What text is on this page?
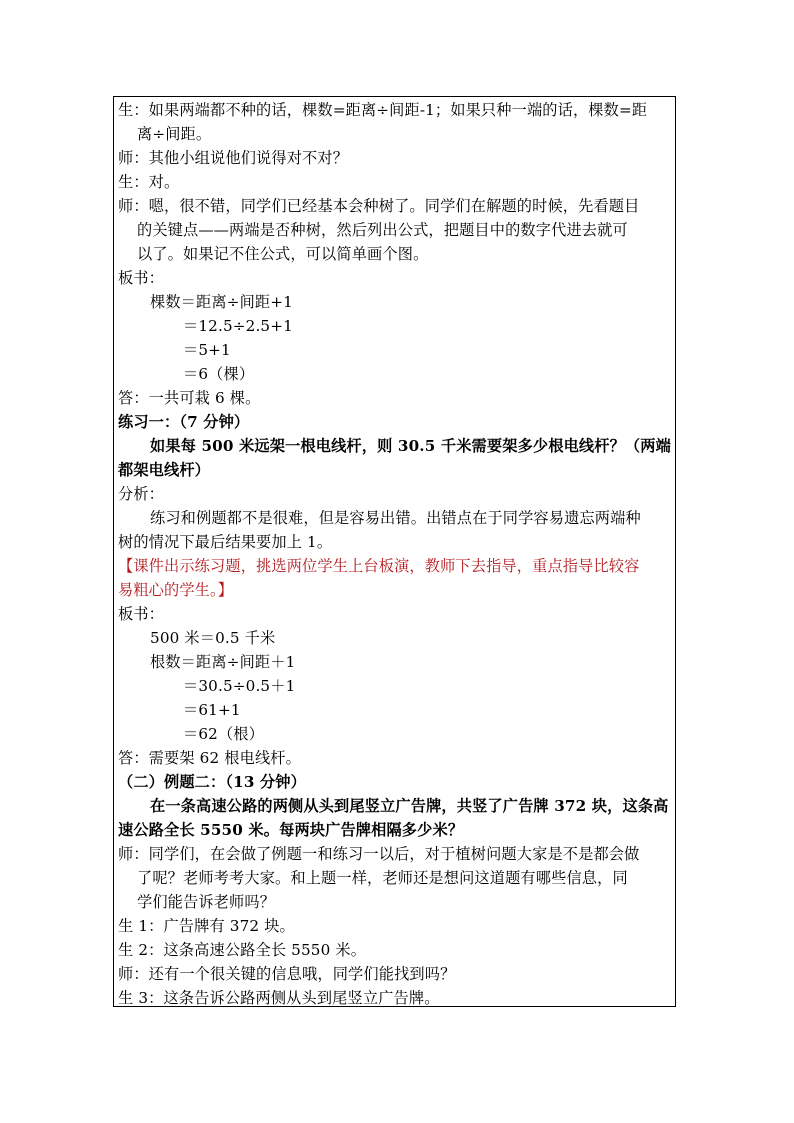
生：如果两端都不种的话，棵数=距离÷间距-1；如果只种一端的话，棵数=距
离÷间距。
师：其他小组说他们说得对不对？
生：对。
师：嗯，很不错，同学们已经基本会种树了。同学们在解题的时候，先看题目
的关键点——两端是否种树，然后列出公式，把题目中的数字代进去就可
以了。如果记不住公式，可以简单画个图。
板书：
棵数＝距离÷间距+1
＝12.5÷2.5+1
＝5+1
＝6（棵）
答：一共可栽 6 棵。
练习一：（7 分钟）
如果每 500 米远架一根电线杆，则 30.5 千米需要架多少根电线杆？（两端
都架电线杆）
分析：
练习和例题都不是很难，但是容易出错。出错点在于同学容易遗忘两端种
树的情况下最后结果要加上 1。
【课件出示练习题，挑选两位学生上台板演，教师下去指导，重点指导比较容
易粗心的学生。】
板书：
500 米＝0.5 千米
根数＝距离÷间距＋1
＝30.5÷0.5＋1
＝61+1
＝62（根）
答：需要架 62 根电线杆。
（二）例题二：（13 分钟）
在一条高速公路的两侧从头到尾竖立广告牌，共竖了广告牌 372 块，这条高
速公路全长 5550 米。每两块广告牌相隔多少米？
师：同学们，在会做了例题一和练习一以后，对于植树问题大家是不是都会做
了呢？老师考考大家。和上题一样，老师还是想问这道题有哪些信息，同
学们能告诉老师吗？
生 1：广告牌有 372 块。
生 2：这条高速公路全长 5550 米。
师：还有一个很关键的信息哦，同学们能找到吗？
生 3：这条告诉公路两侧从头到尾竖立广告牌。
